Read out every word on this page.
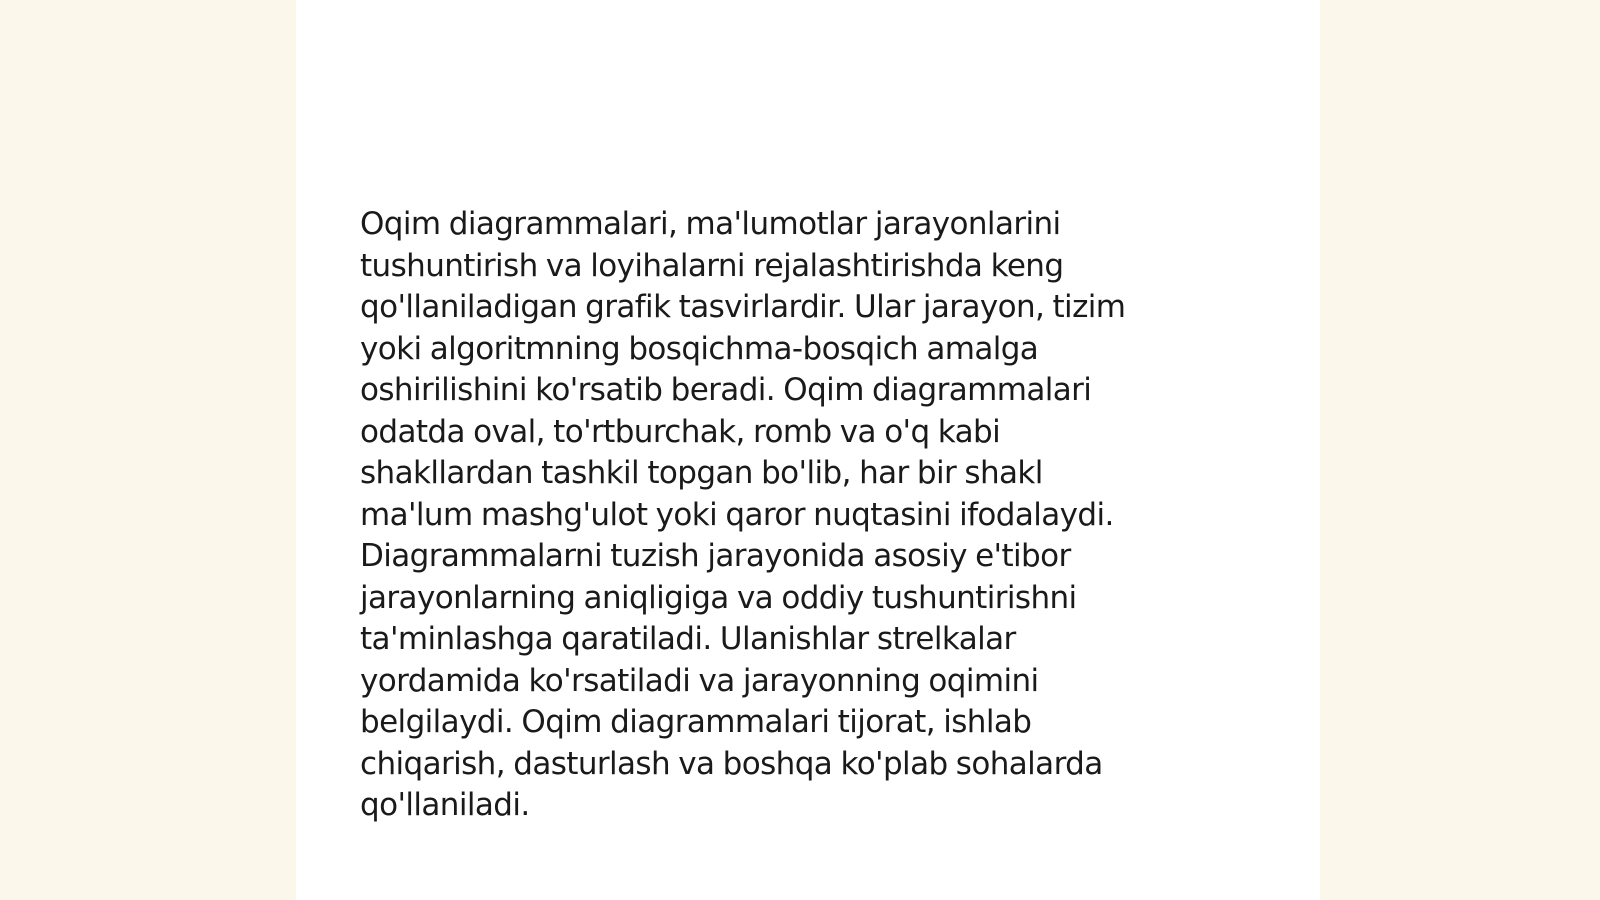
Oqim diagrammalari, ma'lumotlar jarayonlarini
tushuntirish va loyihalarni rejalashtirishda keng
qo'llaniladigan grafik tasvirlardir. Ular jarayon, tizim
yoki algoritmning bosqichma-bosqich amalga
oshirilishini ko'rsatib beradi. Oqim diagrammalari
odatda oval, to'rtburchak, romb va o'q kabi
shakllardan tashkil topgan bo'lib, har bir shakl
ma'lum mashg'ulot yoki qaror nuqtasini ifodalaydi.
Diagrammalarni tuzish jarayonida asosiy e'tibor
jarayonlarning aniqligiga va oddiy tushuntirishni
ta'minlashga qaratiladi. Ulanishlar strelkalar
yordamida ko'rsatiladi va jarayonning oqimini
belgilaydi. Oqim diagrammalari tijorat, ishlab
chiqarish, dasturlash va boshqa ko'plab sohalarda
qo'llaniladi.
